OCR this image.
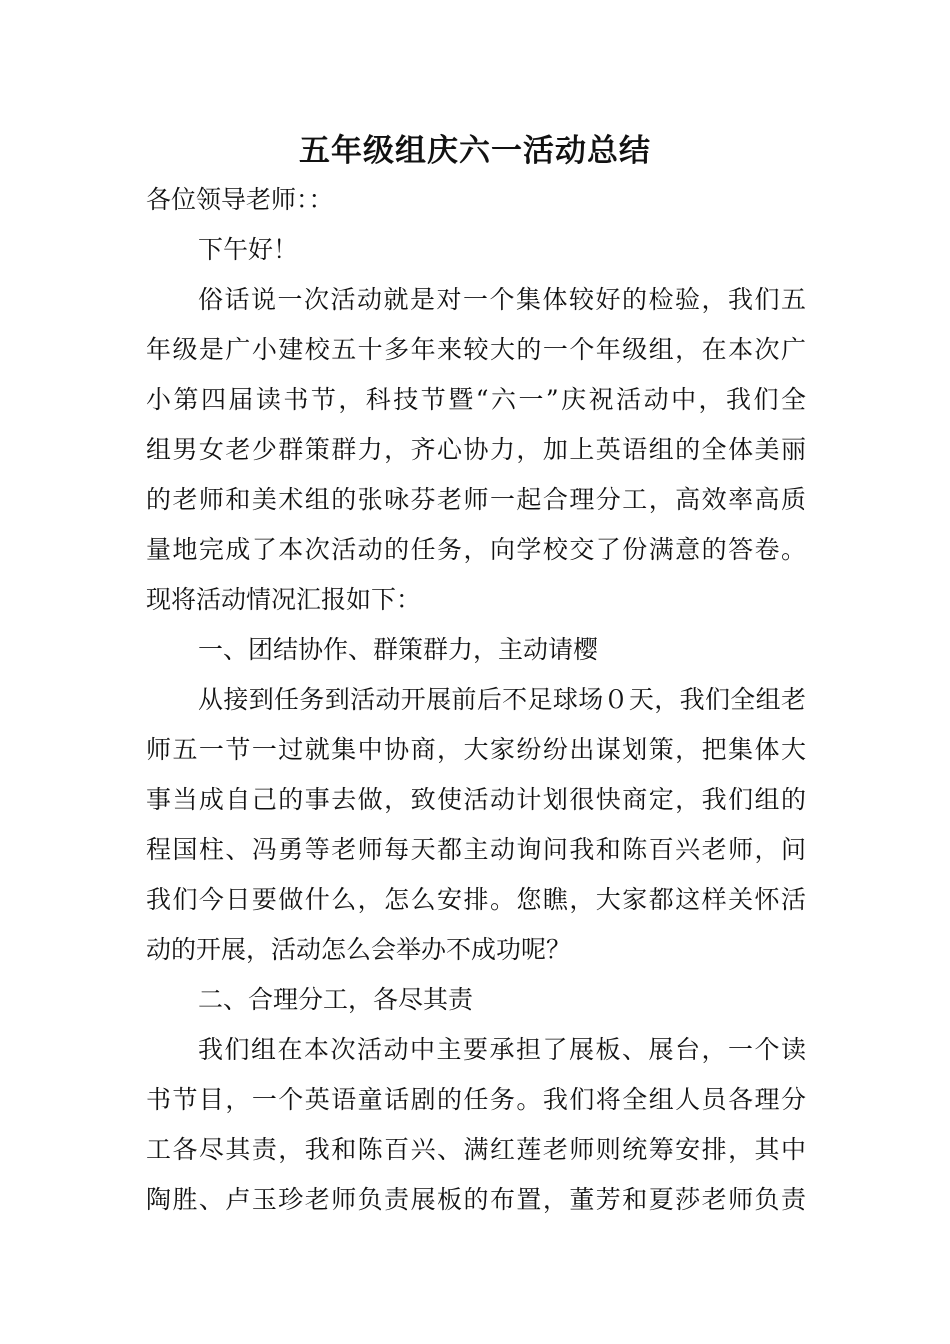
五年级组庆六一活动总结
各位领导老师：：
下午好！
俗话说一次活动就是对一个集体较好的检验，我们五
年级是广小建校五十多年来较大的一个年级组，在本次广
小第四届读书节，科技节暨“六一”庆祝活动中，我们全
组男女老少群策群力，齐心协力，加上英语组的全体美丽
的老师和美术组的张咏芬老师一起合理分工，高效率高质
量地完成了本次活动的任务，向学校交了份满意的答卷。
现将活动情况汇报如下：
一、团结协作、群策群力，主动请樱
从接到任务到活动开展前后不足球场０天，我们全组老
师五一节一过就集中协商，大家纷纷出谋划策，把集体大
事当成自己的事去做，致使活动计划很快商定，我们组的
程国柱、冯勇等老师每天都主动询问我和陈百兴老师，问
我们今日要做什么，怎么安排。您瞧，大家都这样关怀活
动的开展，活动怎么会举办不成功呢？
二、合理分工，各尽其责
我们组在本次活动中主要承担了展板、展台，一个读
书节目，一个英语童话剧的任务。我们将全组人员各理分
工各尽其责，我和陈百兴、满红莲老师则统筹安排，其中
陶胜、卢玉珍老师负责展板的布置，董芳和夏莎老师负责
